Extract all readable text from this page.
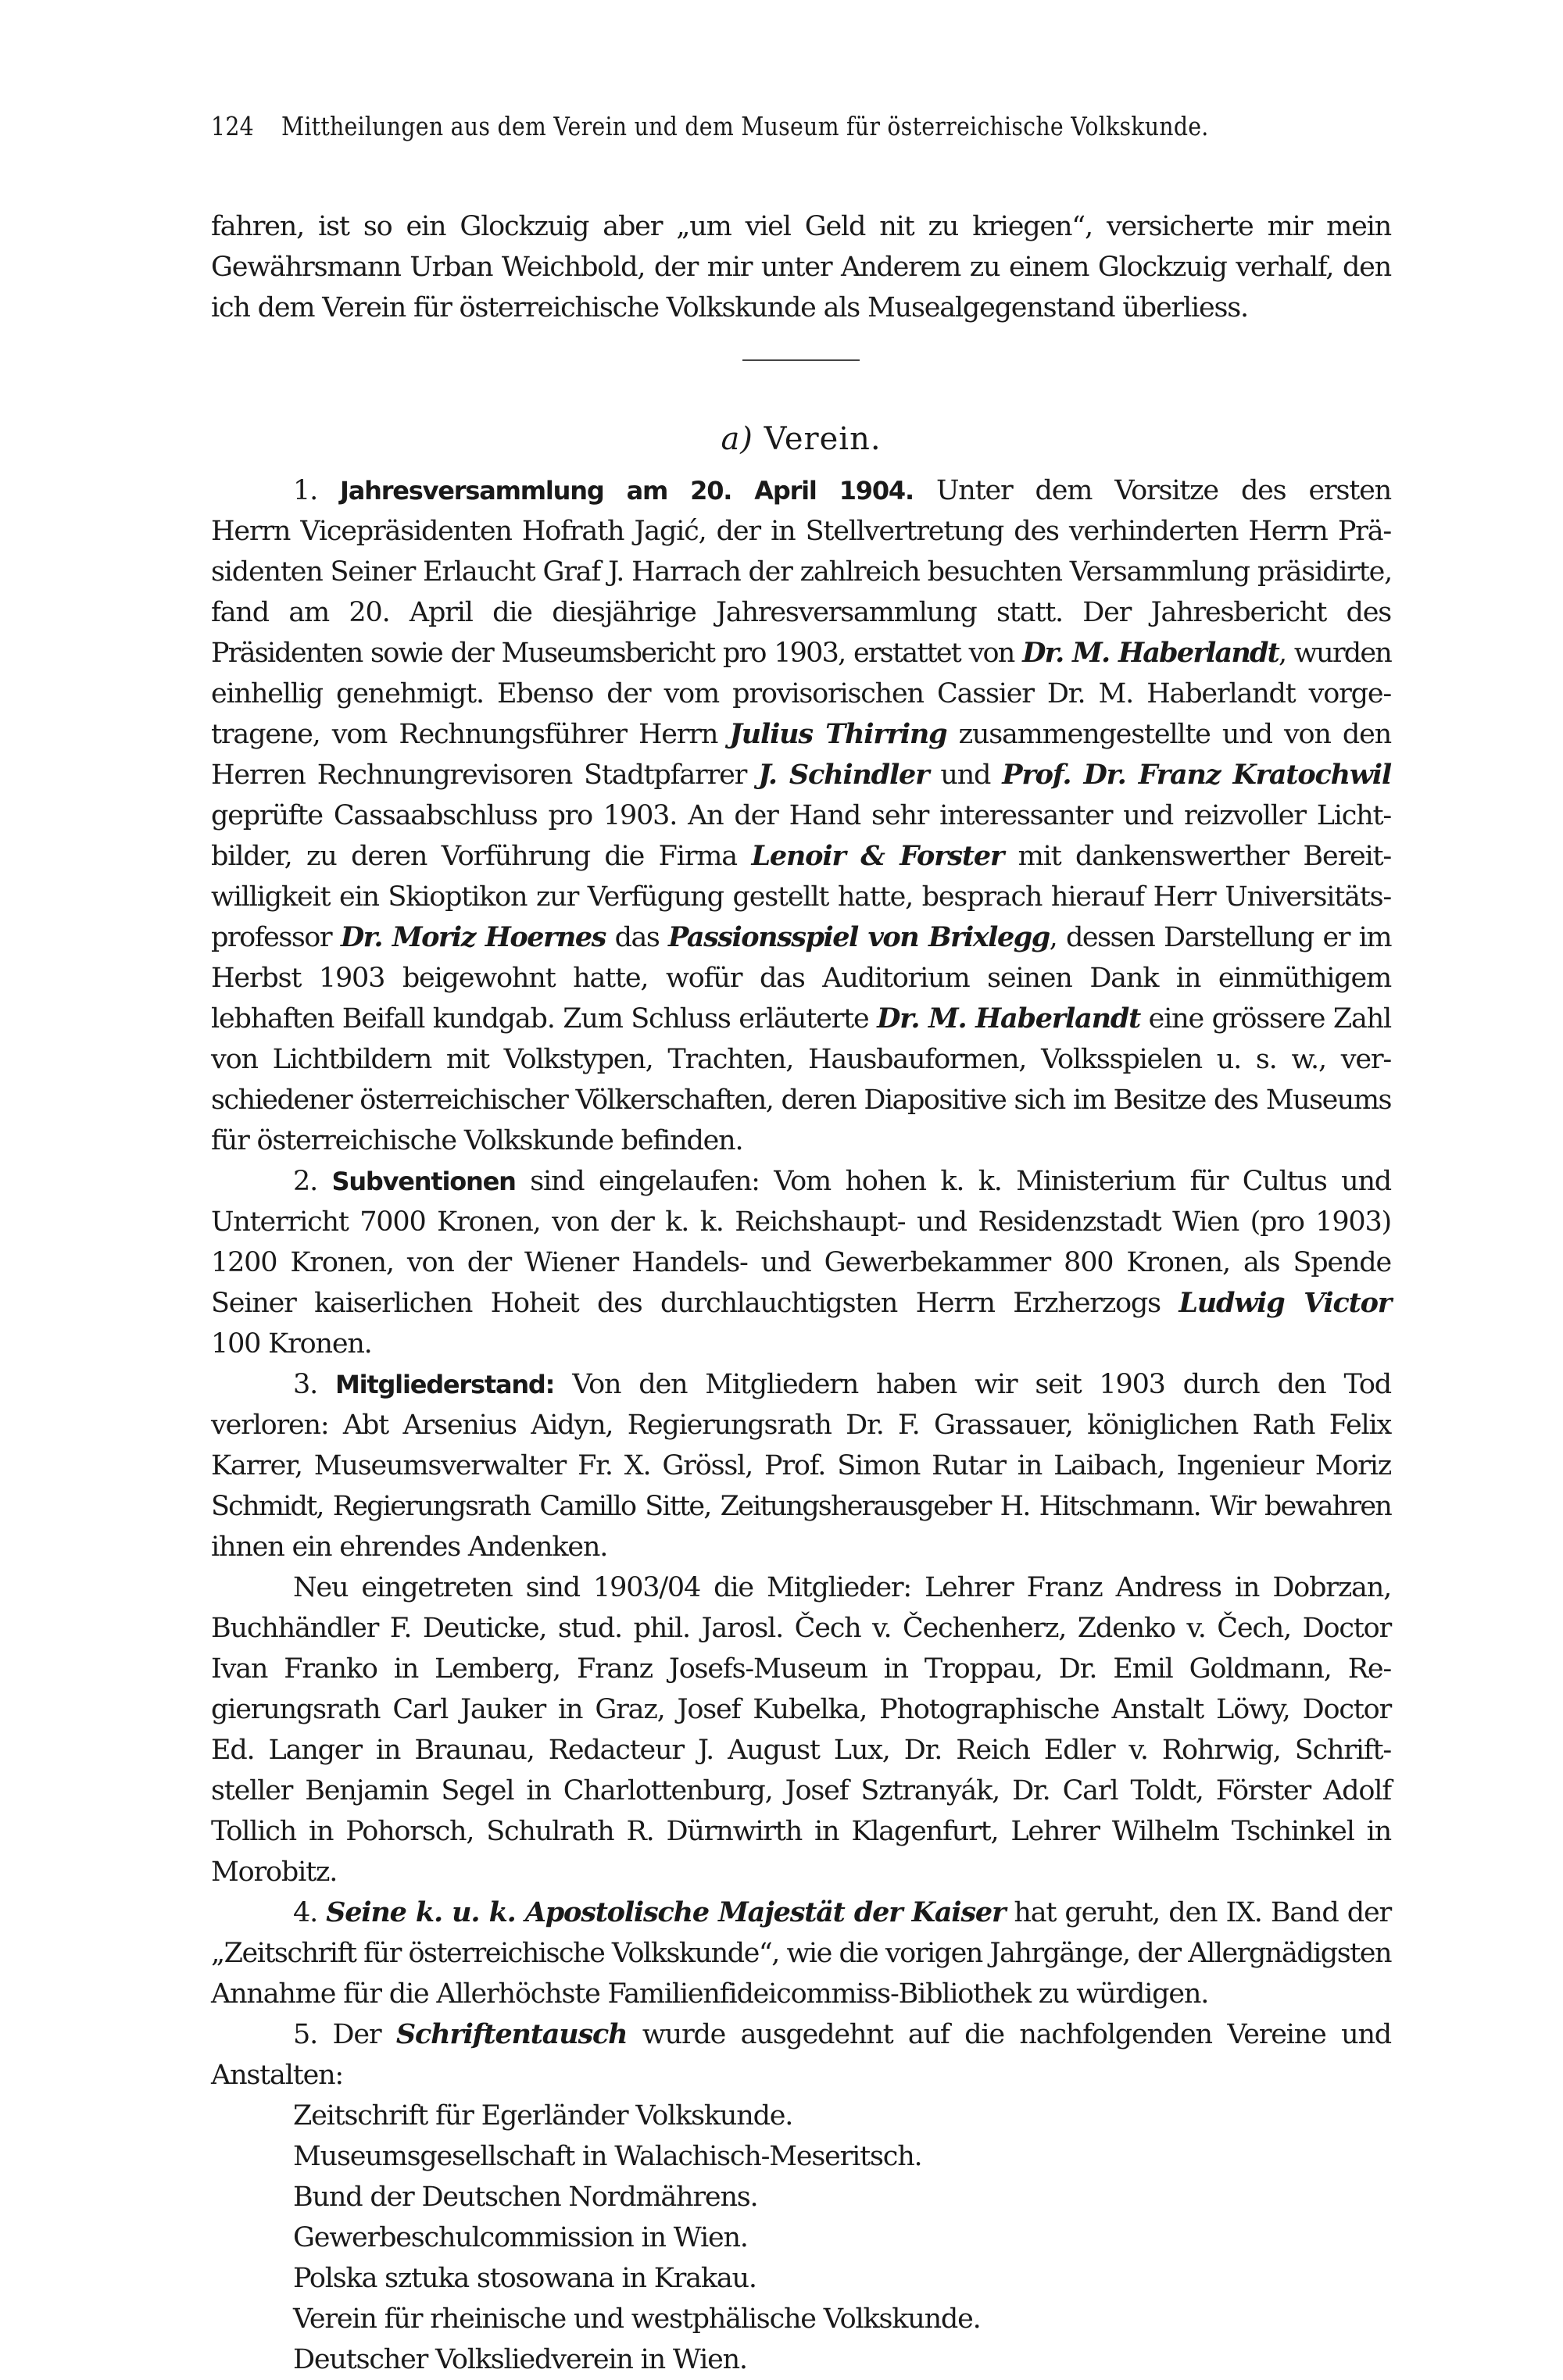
124 Mittheilungen aus dem Verein und dem Museum für österreichische Volkskunde.

fahren, ist so ein Glockzuig aber „um viel Geld nit zu kriegen“, versicherte mir mein
Gewährsmann Urban Weichbold, der mir unter Anderem zu einem Glockzuig verhalf, den
ich dem Verein für österreichische Volkskunde als Musealgegenstand überliess.

a) Verein.

1. Jahresversammlung am 20. April 1904. Unter dem Vorsitze des ersten
Herrn Vicepräsidenten Hofrath Jagić, der in Stellvertretung des verhinderten Herrn Prä-
sidenten Seiner Erlaucht Graf J. Harrach der zahlreich besuchten Versammlung präsidirte,
fand am 20. April die diesjährige Jahresversammlung statt. Der Jahresbericht des
Präsidenten sowie der Museumsbericht pro 1903, erstattet von Dr. M. Haberlandt, wurden
einhellig genehmigt. Ebenso der vom provisorischen Cassier Dr. M. Haberlandt vorge-
tragene, vom Rechnungsführer Herrn Julius Thirring zusammengestellte und von den
Herren Rechnungrevisoren Stadtpfarrer J. Schindler und Prof. Dr. Franz Kratochwil
geprüfte Cassaabschluss pro 1903. An der Hand sehr interessanter und reizvoller Licht-
bilder, zu deren Vorführung die Firma Lenoir & Forster mit dankenswerther Bereit-
willigkeit ein Skioptikon zur Verfügung gestellt hatte, besprach hierauf Herr Universitäts-
professor Dr. Moriz Hoernes das Passionsspiel von Brixlegg, dessen Darstellung er im
Herbst 1903 beigewohnt hatte, wofür das Auditorium seinen Dank in einmüthigem
lebhaften Beifall kundgab. Zum Schluss erläuterte Dr. M. Haberlandt eine grössere Zahl
von Lichtbildern mit Volkstypen, Trachten, Hausbauformen, Volksspielen u. s. w., ver-
schiedener österreichischer Völkerschaften, deren Diapositive sich im Besitze des Museums
für österreichische Volkskunde befinden.

2. Subventionen sind eingelaufen: Vom hohen k. k. Ministerium für Cultus und
Unterricht 7000 Kronen, von der k. k. Reichshaupt- und Residenzstadt Wien (pro 1903)
1200 Kronen, von der Wiener Handels- und Gewerbekammer 800 Kronen, als Spende
Seiner kaiserlichen Hoheit des durchlauchtigsten Herrn Erzherzogs Ludwig Victor
100 Kronen.

3. Mitgliederstand: Von den Mitgliedern haben wir seit 1903 durch den Tod
verloren: Abt Arsenius Aidyn, Regierungsrath Dr. F. Grassauer, königlichen Rath Felix
Karrer, Museumsverwalter Fr. X. Grössl, Prof. Simon Rutar in Laibach, Ingenieur Moriz
Schmidt, Regierungsrath Camillo Sitte, Zeitungsherausgeber H. Hitschmann. Wir bewahren
ihnen ein ehrendes Andenken.

Neu eingetreten sind 1903/04 die Mitglieder: Lehrer Franz Andress in Dobrzan,
Buchhändler F. Deuticke, stud. phil. Jarosl. Čech v. Čechenherz, Zdenko v. Čech, Doctor
Ivan Franko in Lemberg, Franz Josefs-Museum in Troppau, Dr. Emil Goldmann, Re-
gierungsrath Carl Jauker in Graz, Josef Kubelka, Photographische Anstalt Löwy, Doctor
Ed. Langer in Braunau, Redacteur J. August Lux, Dr. Reich Edler v. Rohrwig, Schrift-
steller Benjamin Segel in Charlottenburg, Josef Sztranyák, Dr. Carl Toldt, Förster Adolf
Tollich in Pohorsch, Schulrath R. Dürnwirth in Klagenfurt, Lehrer Wilhelm Tschinkel in
Morobitz.

4. Seine k. u. k. Apostolische Majestät der Kaiser hat geruht, den IX. Band der
„Zeitschrift für österreichische Volkskunde“, wie die vorigen Jahrgänge, der Allergnädigsten
Annahme für die Allerhöchste Familienfideicommiss-Bibliothek zu würdigen.

5. Der Schriftentausch wurde ausgedehnt auf die nachfolgenden Vereine und
Anstalten:

Zeitschrift für Egerländer Volkskunde.
Museumsgesellschaft in Walachisch-Meseritsch.
Bund der Deutschen Nordmährens.
Gewerbeschulcommission in Wien.
Polska sztuka stosowana in Krakau.
Verein für rheinische und westphälische Volkskunde.
Deutscher Volksliedverein in Wien.
